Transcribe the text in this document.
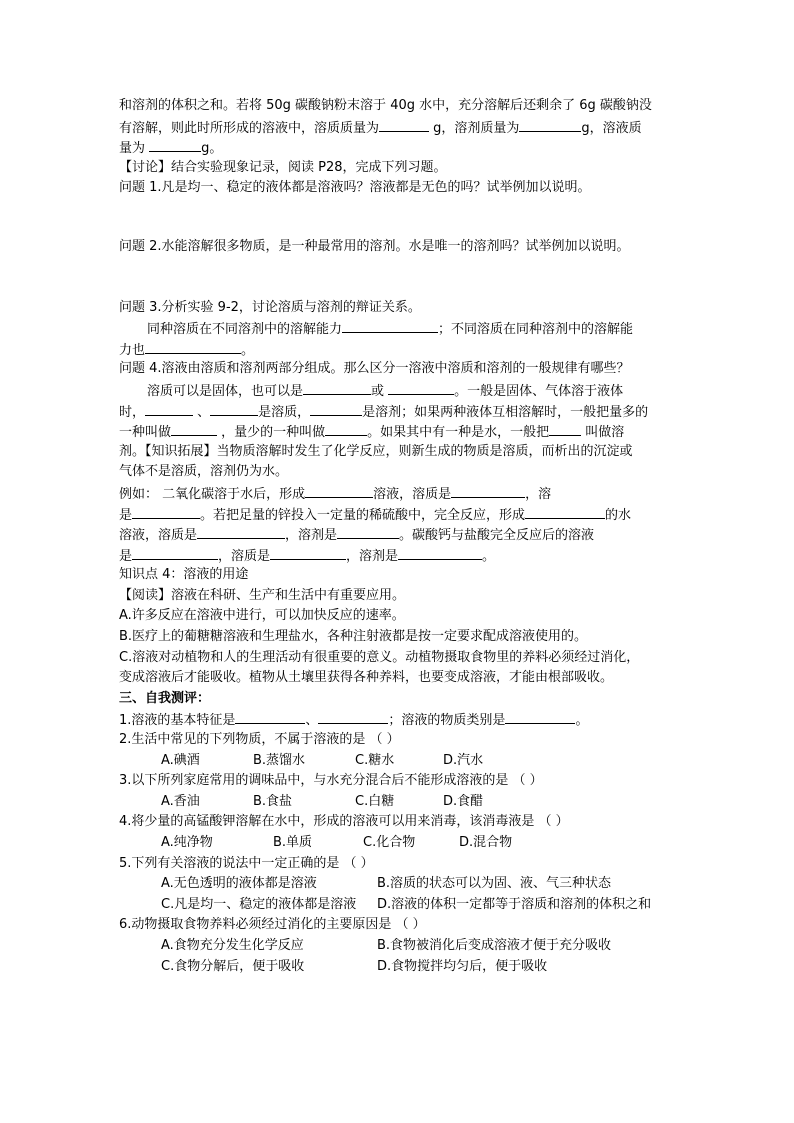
和溶剂的体积之和。若将 50g 碳酸钠粉末溶于 40g 水中，充分溶解后还剩余了 6g 碳酸钠没
有溶解，则此时所形成的溶液中，溶质质量为	g，溶剂质量为	g，溶液质
量为	g。
【讨论】结合实验现象记录，阅读 P28，完成下列习题。
问题 1.凡是均一、稳定的液体都是溶液吗？溶液都是无色的吗？试举例加以说明。
问题 2.水能溶解很多物质，是一种最常用的溶剂。水是唯一的溶剂吗？试举例加以说明。
问题 3.分析实验 9-2，讨论溶质与溶剂的辩证关系。
同种溶质在不同溶剂中的溶解能力	；不同溶质在同种溶剂中的溶解能
力也	。
问题 4.溶液由溶质和溶剂两部分组成。那么区分一溶液中溶质和溶剂的一般规律有哪些？
溶质可以是固体，也可以是	或	。一般是固体、气体溶于液体
时，	、	是溶质，	是溶剂；如果两种液体互相溶解时，一般把量多的
一种叫做	，量少的一种叫做	。如果其中有一种是水，一般把 叫做溶
剂。【知识拓展】当物质溶解时发生了化学反应，则新生成的物质是溶质，而析出的沉淀或
气体不是溶质，溶剂仍为水。
例如： 二氧化碳溶于水后，形成	溶液，溶质是	，溶
是	。若把足量的锌投入一定量的稀硫酸中，完全反应，形成	的水
溶液，溶质是	，溶剂是	。碳酸钙与盐酸完全反应后的溶液
是	，溶质是	，溶剂是	。
知识点 4：溶液的用途
【阅读】溶液在科研、生产和生活中有重要应用。
A.许多反应在溶液中进行，可以加快反应的速率。
B.医疗上的葡糖糖溶液和生理盐水，各种注射液都是按一定要求配成溶液使用的。
C.溶液对动植物和人的生理活动有很重要的意义。动植物摄取食物里的养料必须经过消化，
变成溶液后才能吸收。植物从土壤里获得各种养料，也要变成溶液，才能由根部吸收。
三、自我测评：
1.溶液的基本特征是	、	；溶液的物质类别是	。
2.生活中常见的下列物质，不属于溶液的是 （ ）
A.碘酒	B.蒸馏水	C.糖水	D.汽水
3.以下所列家庭常用的调味品中，与水充分混合后不能形成溶液的是 （ ）
A.香油	B.食盐	C.白糖	D.食醋
4.将少量的高锰酸钾溶解在水中，形成的溶液可以用来消毒，该消毒液是 （ ）
A.纯净物	B.单质	C.化合物	D.混合物
5.下列有关溶液的说法中一定正确的是 （ ）
A.无色透明的液体都是溶液	B.溶质的状态可以为固、液、气三种状态
C.凡是均一、稳定的液体都是溶液 D.溶液的体积一定都等于溶质和溶剂的体积之和
6.动物摄取食物养料必须经过消化的主要原因是 （ ）
A.食物充分发生化学反应	B.食物被消化后变成溶液才便于充分吸收
C.食物分解后，便于吸收	D.食物搅拌均匀后，便于吸收
